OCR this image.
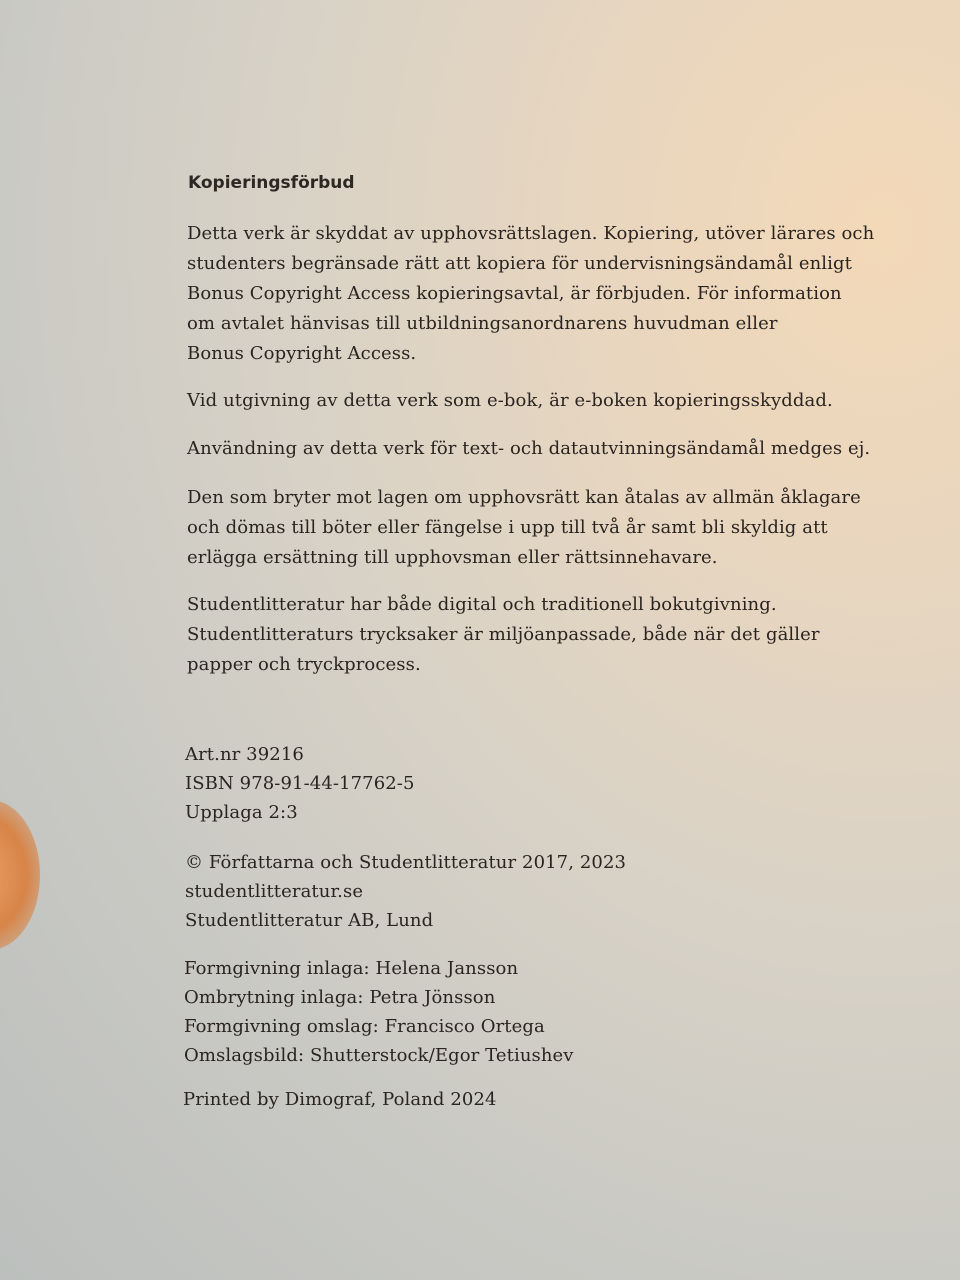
Kopieringsförbud
Detta verk är skyddat av upphovsrättslagen. Kopiering, utöver lärares och
studenters begränsade rätt att kopiera för undervisningsändamål enligt
Bonus Copyright Access kopieringsavtal, är förbjuden. För information
om avtalet hänvisas till utbildningsanordnarens huvudman eller
Bonus Copyright Access.
Vid utgivning av detta verk som e-bok, är e-boken kopieringsskyddad.
Användning av detta verk för text- och datautvinningsändamål medges ej.
Den som bryter mot lagen om upphovsrätt kan åtalas av allmän åklagare
och dömas till böter eller fängelse i upp till två år samt bli skyldig att
erlägga ersättning till upphovsman eller rättsinnehavare.
Studentlitteratur har både digital och traditionell bokutgivning.
Studentlitteraturs trycksaker är miljöanpassade, både när det gäller
papper och tryckprocess.
Art.nr 39216
ISBN 978-91-44-17762-5
Upplaga 2:3
© Författarna och Studentlitteratur 2017, 2023
studentlitteratur.se
Studentlitteratur AB, Lund
Formgivning inlaga: Helena Jansson
Ombrytning inlaga: Petra Jönsson
Formgivning omslag: Francisco Ortega
Omslagsbild: Shutterstock/Egor Tetiushev
Printed by Dimograf, Poland 2024
